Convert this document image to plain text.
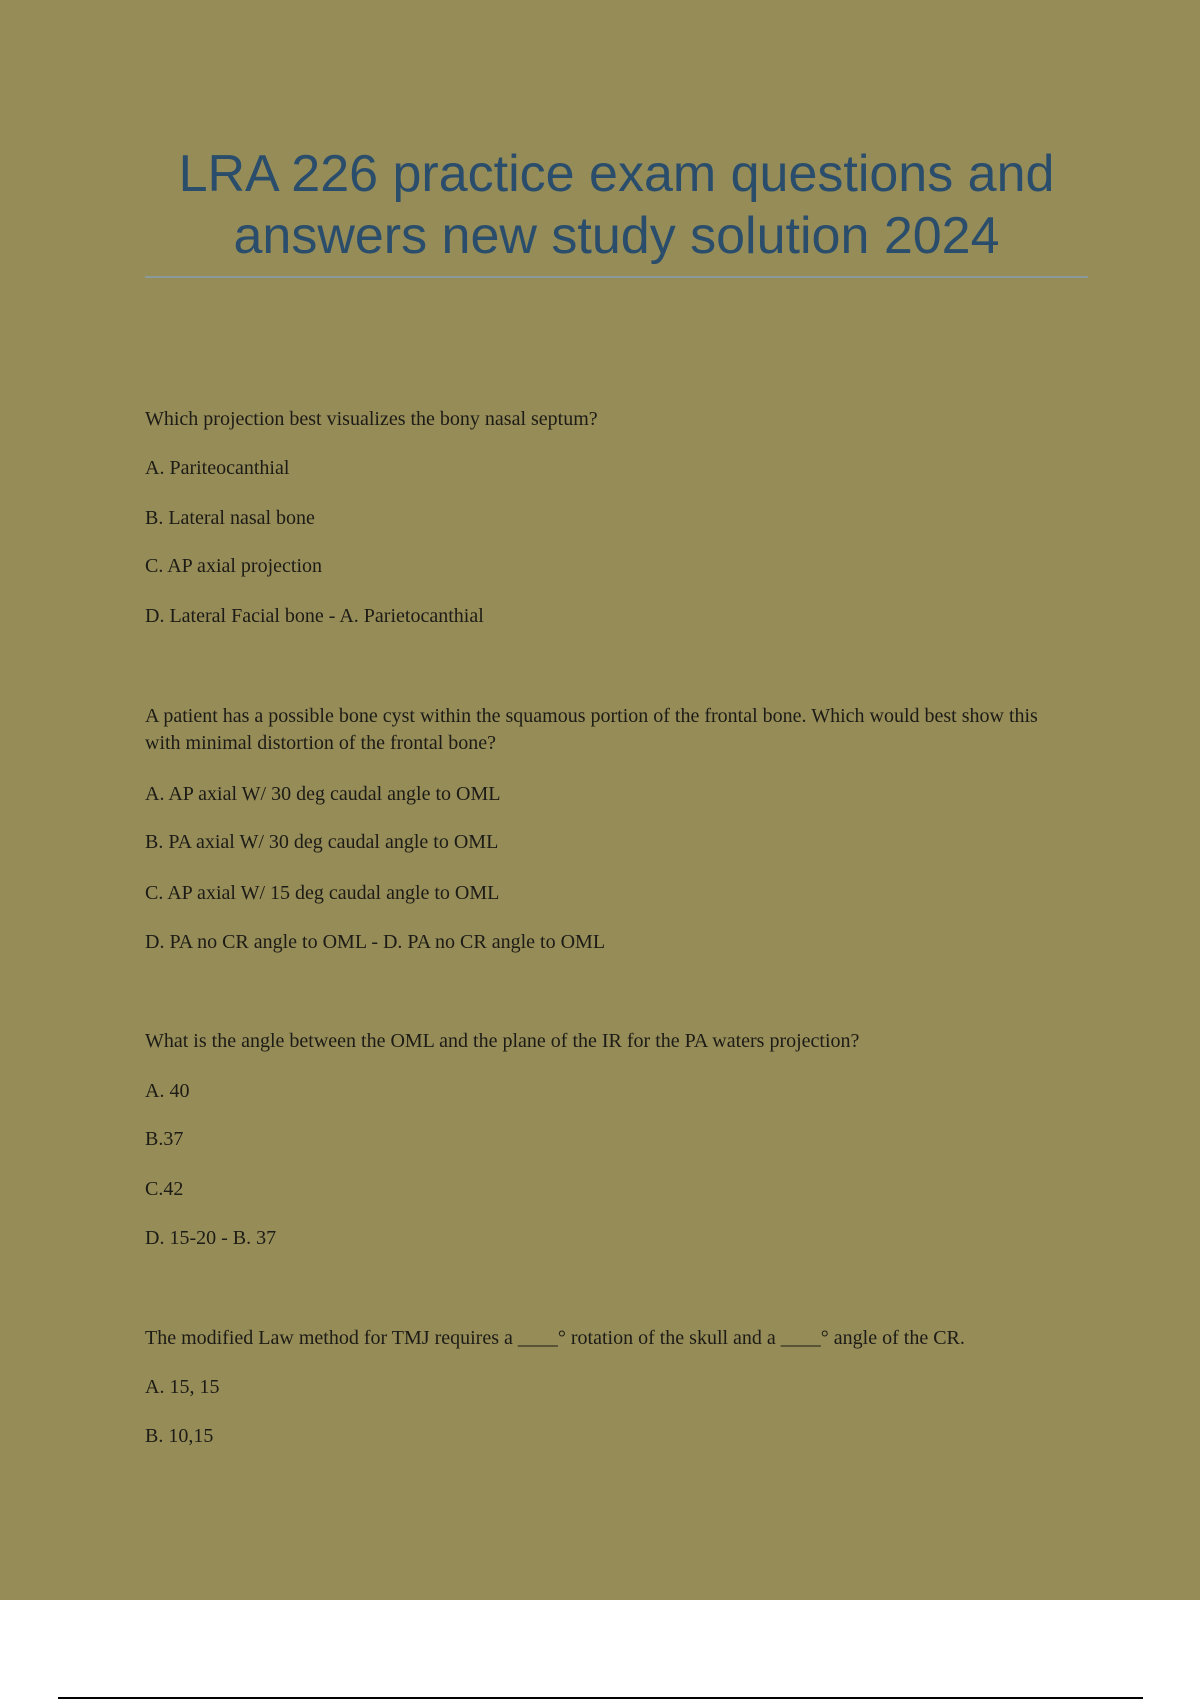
LRA 226 practice exam questions and answers new study solution 2024

Which projection best visualizes the bony nasal septum?

A. Pariteocanthial

B. Lateral nasal bone

C. AP axial projection

D. Lateral Facial bone - A. Parietocanthial

A patient has a possible bone cyst within the squamous portion of the frontal bone. Which would best show this with minimal distortion of the frontal bone?

A. AP axial W/ 30 deg caudal angle to OML

B. PA axial W/ 30 deg caudal angle to OML

C. AP axial W/ 15 deg caudal angle to OML

D. PA no CR angle to OML - D. PA no CR angle to OML

What is the angle between the OML and the plane of the IR for the PA waters projection?

A. 40

B.37

C.42

D. 15-20 - B. 37

The modified Law method for TMJ requires a ____° rotation of the skull and a ____° angle of the CR.

A. 15, 15

B. 10,15
